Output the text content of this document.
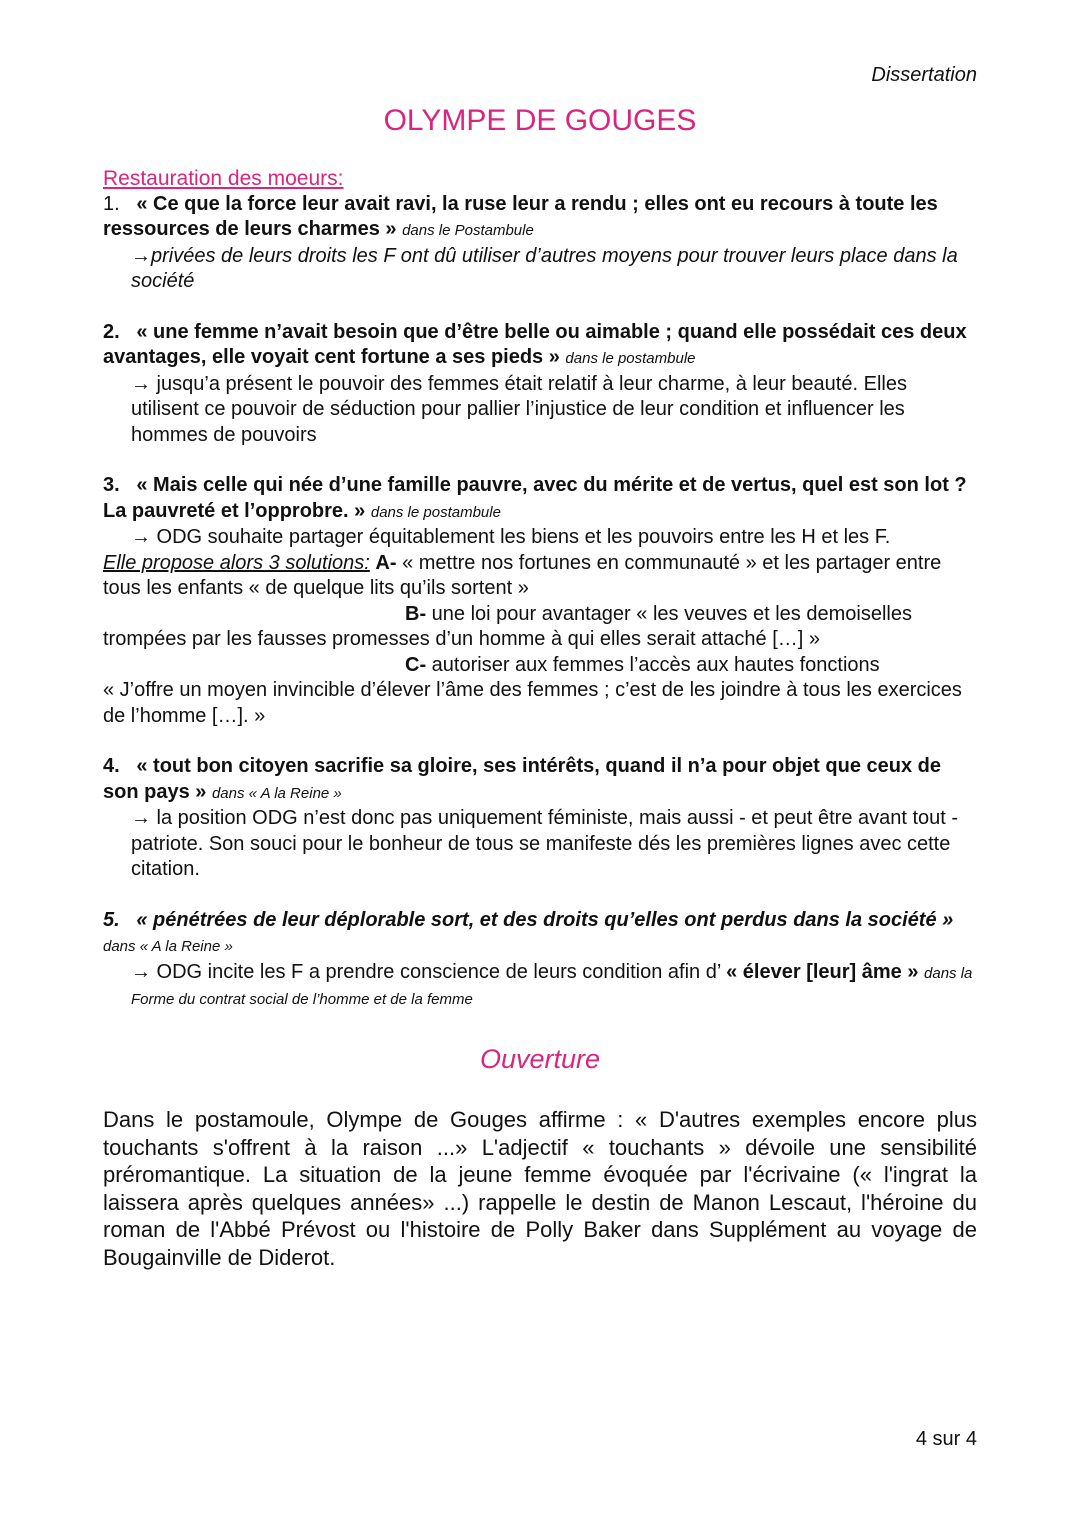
Dissertation
OLYMPE DE GOUGES
Restauration des moeurs:
1. « Ce que la force leur avait ravi, la ruse leur a rendu ; elles ont eu recours à toute les ressources de leurs charmes » dans le Postambule
→privées de leurs droits les F ont dû utiliser d’autres moyens pour trouver leurs place dans la société
2. « une femme n’avait besoin que d’être belle ou aimable ; quand elle possédait ces deux avantages, elle voyait cent fortune a ses pieds » dans le postambule
→ jusqu’a présent le pouvoir des femmes était relatif à leur charme, à leur beauté. Elles utilisent ce pouvoir de séduction pour pallier l’injustice de leur condition et influencer les hommes de pouvoirs
3. « Mais celle qui née d’une famille pauvre, avec du mérite et de vertus, quel est son lot ? La pauvreté et l’opprobre. » dans le postambule
→ ODG souhaite partager équitablement les biens et les pouvoirs entre les H et les F.
Elle propose alors 3 solutions: A- « mettre nos fortunes en communauté » et les partager entre tous les enfants « de quelque lits qu’ils sortent »
B- une loi pour avantager « les veuves et les demoiselles trompées par les fausses promesses d’un homme à qui elles serait attaché […] »
C- autoriser aux femmes l’accès aux hautes fonctions
« J’offre un moyen invincible d’élever l’âme des femmes ; c’est de les joindre à tous les exercices de l’homme […]. »
4. « tout bon citoyen sacrifie sa gloire, ses intérêts, quand il n’a pour objet que ceux de son pays » dans « A la Reine »
→ la position ODG n’est donc pas uniquement féministe, mais aussi - et peut être avant tout - patriote. Son souci pour le bonheur de tous se manifeste dés les premières lignes avec cette citation.
5. « pénétrées de leur déplorable sort, et des droits qu’elles ont perdus dans la société » dans « A la Reine »
→ ODG incite les F a prendre conscience de leurs condition afin d’ « élever [leur] âme » dans la Forme du contrat social de l’homme et de la femme
Ouverture
Dans le postamoule, Olympe de Gouges affirme : « D'autres exemples encore plus touchants s'offrent à la raison ...» L'adjectif « touchants » dévoile une sensibilité préromantique. La situation de la jeune femme évoquée par l'écrivaine (« l'ingrat la laissera après quelques années» ...) rappelle le destin de Manon Lescaut, l'héroine du roman de l'Abbé Prévost ou l'histoire de Polly Baker dans Supplément au voyage de Bougainville de Diderot.
4 sur 4
